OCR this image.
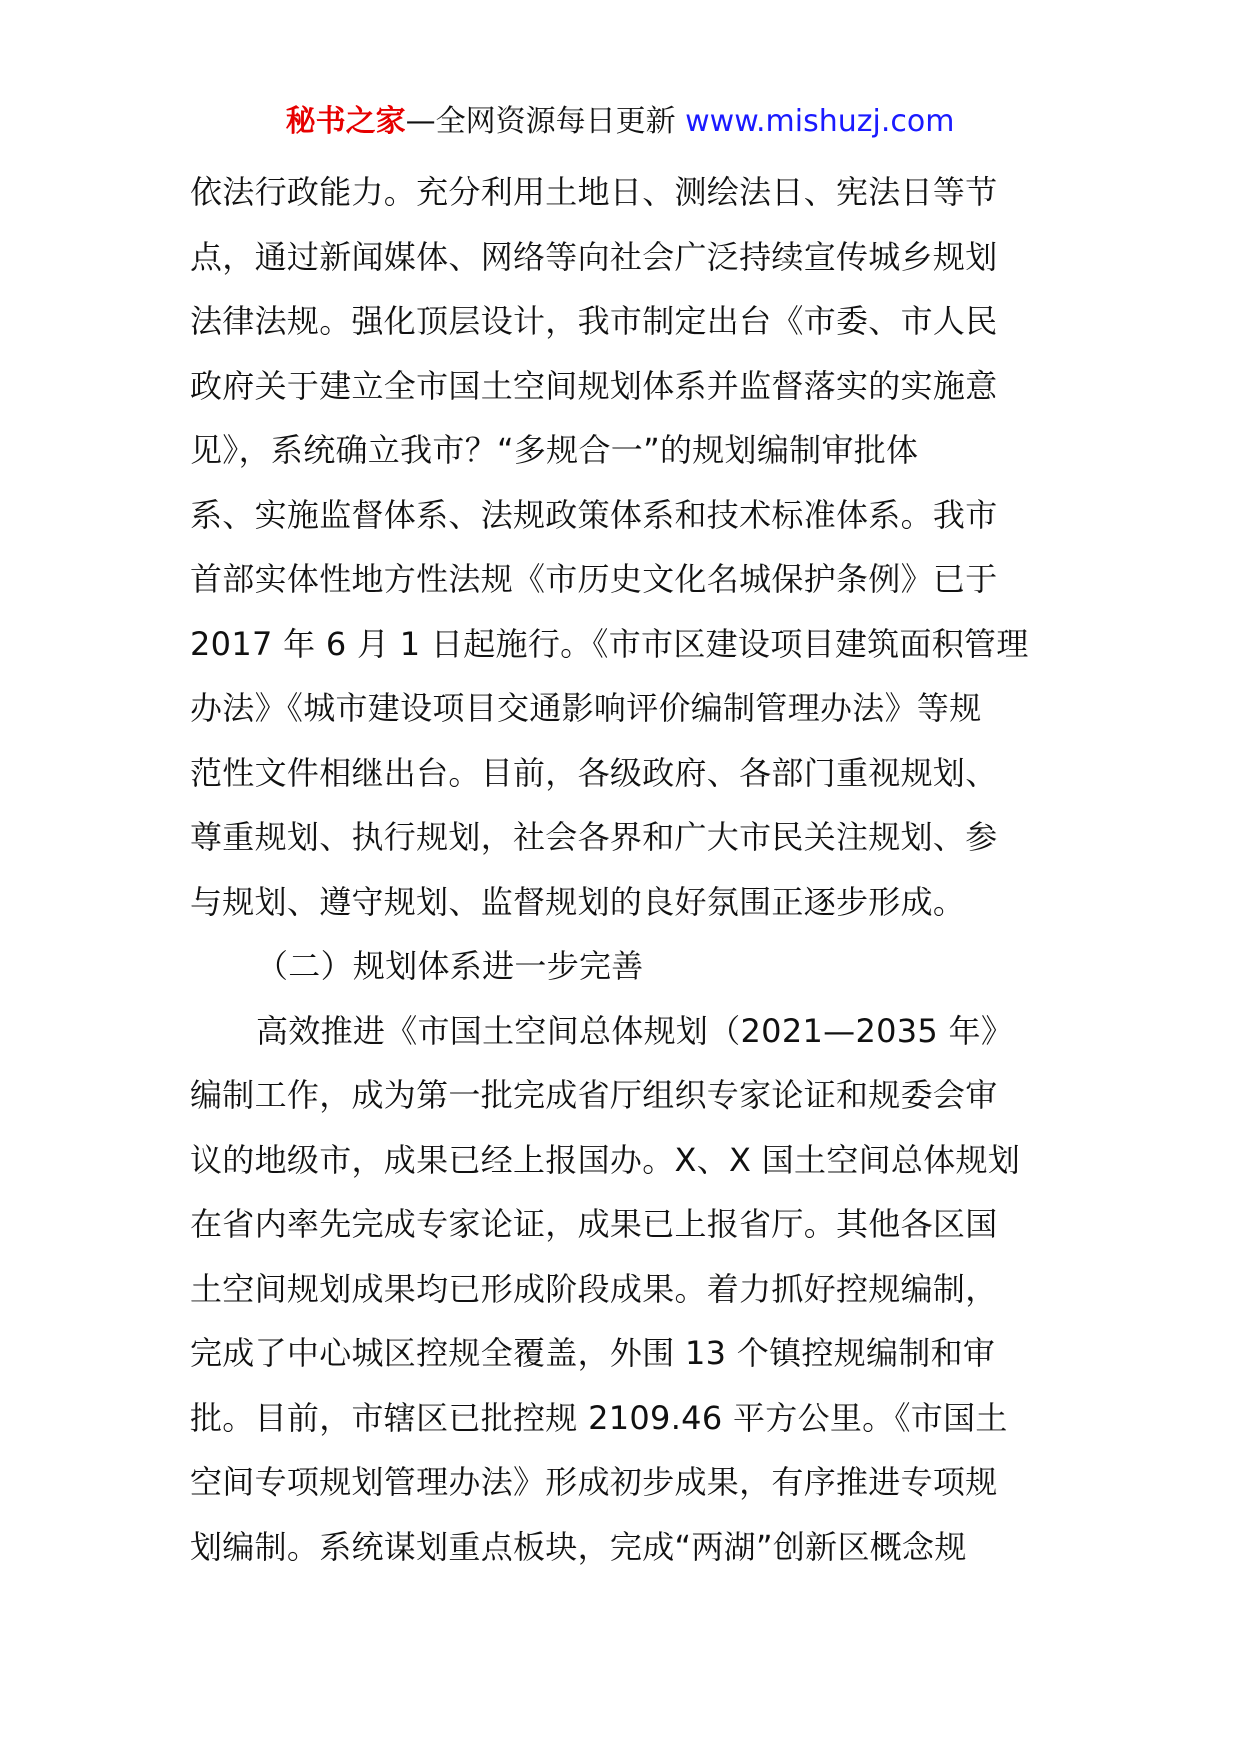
秘书之家—全网资源每日更新 www.mishuzj.com
依法行政能力。充分利用土地日、测绘法日、宪法日等节
点，通过新闻媒体、网络等向社会广泛持续宣传城乡规划
法律法规。强化顶层设计，我市制定出台《市委、市人民
政府关于建立全市国土空间规划体系并监督落实的实施意
见》，系统确立我市？“多规合一”的规划编制审批体
系、实施监督体系、法规政策体系和技术标准体系。我市
首部实体性地方性法规《市历史文化名城保护条例》已于
2017 年 6 月 1 日起施行。《市市区建设项目建筑面积管理
办法》《城市建设项目交通影响评价编制管理办法》等规
范性文件相继出台。目前，各级政府、各部门重视规划、
尊重规划、执行规划，社会各界和广大市民关注规划、参
与规划、遵守规划、监督规划的良好氛围正逐步形成。
（二）规划体系进一步完善
高效推进《市国土空间总体规划（2021—2035 年》
编制工作，成为第一批完成省厅组织专家论证和规委会审
议的地级市，成果已经上报国办。X、X 国土空间总体规划
在省内率先完成专家论证，成果已上报省厅。其他各区国
土空间规划成果均已形成阶段成果。着力抓好控规编制，
完成了中心城区控规全覆盖，外围 13 个镇控规编制和审
批。目前，市辖区已批控规 2109.46 平方公里。《市国土
空间专项规划管理办法》形成初步成果，有序推进专项规
划编制。系统谋划重点板块，完成“两湖”创新区概念规
